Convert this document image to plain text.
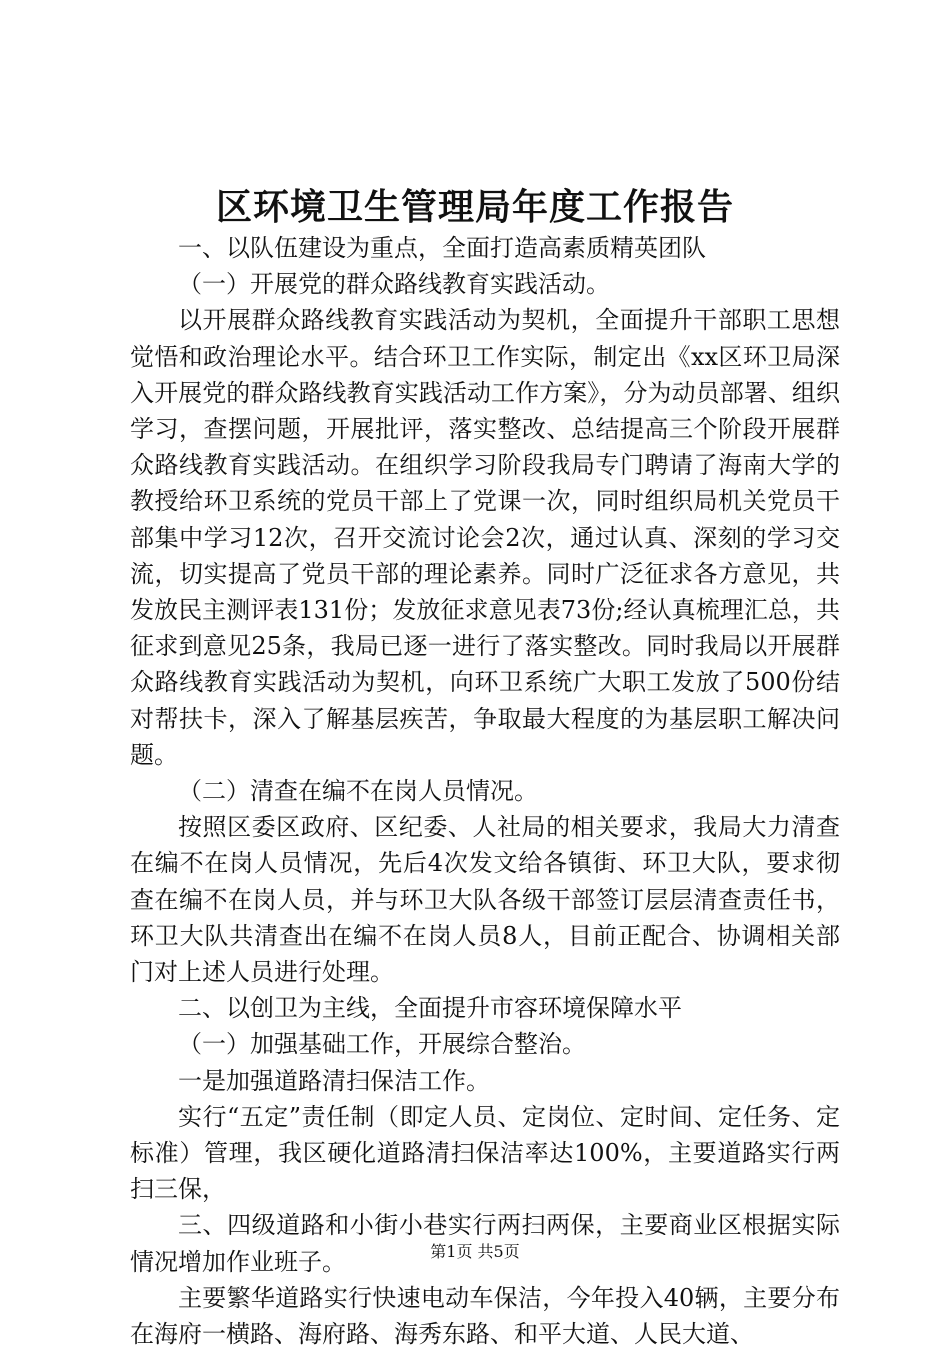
区环境卫生管理局年度工作报告

一、以队伍建设为重点，全面打造高素质精英团队

（一）开展党的群众路线教育实践活动。

以开展群众路线教育实践活动为契机，全面提升干部职工思想觉悟和政治理论水平。结合环卫工作实际，制定出《xx区环卫局深入开展党的群众路线教育实践活动工作方案》，分为动员部署、组织学习，查摆问题，开展批评，落实整改、总结提高三个阶段开展群众路线教育实践活动。在组织学习阶段我局专门聘请了海南大学的教授给环卫系统的党员干部上了党课一次，同时组织局机关党员干部集中学习12次，召开交流讨论会2次，通过认真、深刻的学习交流，切实提高了党员干部的理论素养。同时广泛征求各方意见，共发放民主测评表131份；发放征求意见表73份;经认真梳理汇总，共征求到意见25条，我局已逐一进行了落实整改。同时我局以开展群众路线教育实践活动为契机，向环卫系统广大职工发放了500份结对帮扶卡，深入了解基层疾苦，争取最大程度的为基层职工解决问题。

（二）清查在编不在岗人员情况。

按照区委区政府、区纪委、人社局的相关要求，我局大力清查在编不在岗人员情况，先后4次发文给各镇街、环卫大队，要求彻查在编不在岗人员，并与环卫大队各级干部签订层层清查责任书，环卫大队共清查出在编不在岗人员8人，目前正配合、协调相关部门对上述人员进行处理。

二、以创卫为主线，全面提升市容环境保障水平

（一）加强基础工作，开展综合整治。

一是加强道路清扫保洁工作。

实行“五定”责任制（即定人员、定岗位、定时间、定任务、定标准）管理，我区硬化道路清扫保洁率达100%，主要道路实行两扫三保，

三、四级道路和小街小巷实行两扫两保，主要商业区根据实际情况增加作业班子。

主要繁华道路实行快速电动车保洁，今年投入40辆，主要分布在海府一横路、海府路、海秀东路、和平大道、人民大道、

第1页 共5页
